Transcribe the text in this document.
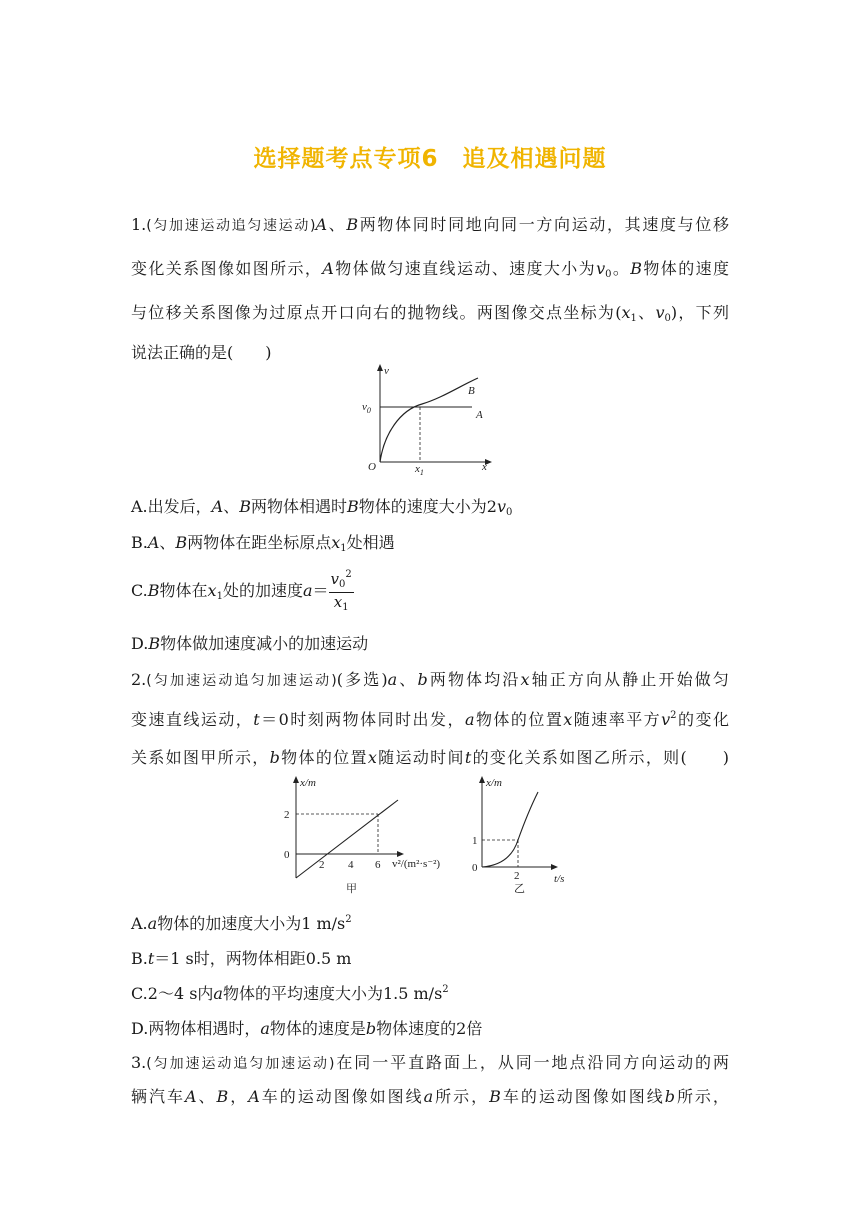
选择题考点专项6　追及相遇问题
1.(匀加速运动追匀速运动)A、B两物体同时同地向同一方向运动，其速度与位移
变化关系图像如图所示，A物体做匀速直线运动、速度大小为$v_0$。B物体的速度
与位移关系图像为过原点开口向右的抛物线。两图像交点坐标为($x_1$、$v_0$)，下列
说法正确的是(　　)
v
$v_0$
x
$x_1$
O
B
A
A.出发后，A、B两物体相遇时B物体的速度大小为$2v_0$
B.A、B两物体在距坐标原点$x_1$处相遇
C.B物体在$x_1$处的加速度$a= \frac{v_0^2}{x_1}$
D.B物体做加速度减小的加速运动
2.(匀加速运动追匀加速运动)(多选)a、b两物体均沿x轴正方向从静止开始做匀
变速直线运动，t＝0时刻两物体同时出发，a物体的位置x随速率平方$v^2$的变化
关系如图甲所示，b物体的位置x随运动时间t的变化关系如图乙所示，则(　　)
x/m
2
0
2 4 6 v²/(m²·s⁻²)
甲
x/m
1
0
2	t/s
乙
A.a物体的加速度大小为1 $m/s^2$
B.t＝1 s时，两物体相距0.5 m
C.2～4 s内a物体的平均速度大小为1.5 $m/s^2$
D.两物体相遇时，a物体的速度是b物体速度的2倍
3.(匀加速运动追匀加速运动)在同一平直路面上，从同一地点沿同方向运动的两
辆汽车A、B，A车的运动图像如图线a所示，B车的运动图像如图线b所示，
